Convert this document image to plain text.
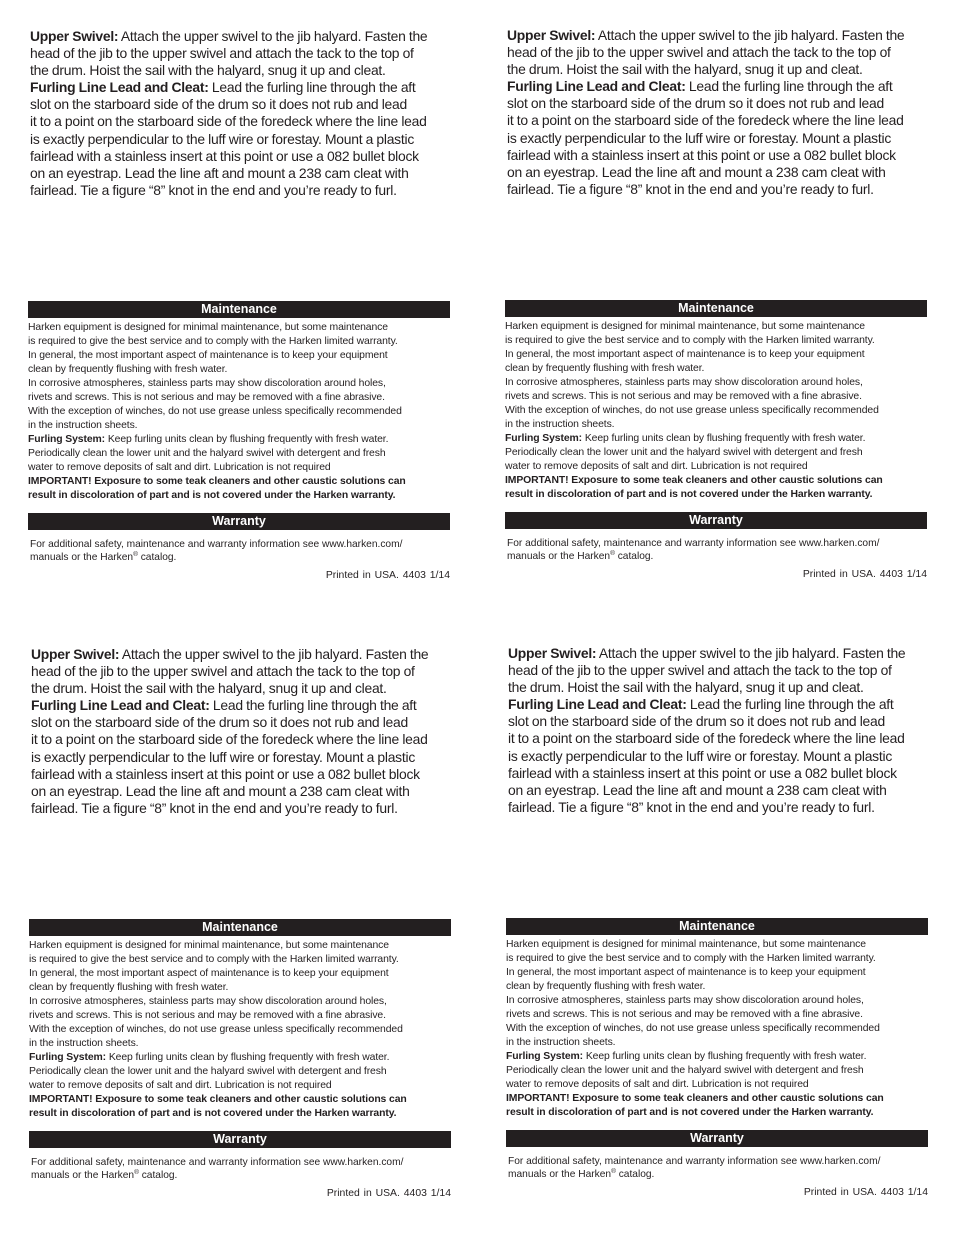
Upper Swivel: Attach the upper swivel to the jib halyard. Fasten the
head of the jib to the upper swivel and attach the tack to the top of
the drum. Hoist the sail with the halyard, snug it up and cleat.
Furling Line Lead and Cleat: Lead the furling line through the aft
slot on the starboard side of the drum so it does not rub and lead
it to a point on the starboard side of the foredeck where the line lead
is exactly perpendicular to the luff wire or forestay. Mount a plastic
fairlead with a stainless insert at this point or use a 082 bullet block
on an eyestrap. Lead the line aft and mount a 238 cam cleat with
fairlead. Tie a figure “8” knot in the end and you’re ready to furl.
Maintenance
Harken equipment is designed for minimal maintenance, but some maintenance
is required to give the best service and to comply with the Harken limited warranty.
In general, the most important aspect of maintenance is to keep your equipment
clean by frequently flushing with fresh water.
In corrosive atmospheres, stainless parts may show discoloration around holes,
rivets and screws. This is not serious and may be removed with a fine abrasive.
With the exception of winches, do not use grease unless specifically recommended
in the instruction sheets.
Furling System: Keep furling units clean by flushing frequently with fresh water.
Periodically clean the lower unit and the halyard swivel with detergent and fresh
water to remove deposits of salt and dirt. Lubrication is not required
IMPORTANT! Exposure to some teak cleaners and other caustic solutions can
result in discoloration of part and is not covered under the Harken warranty.
Warranty
For additional safety, maintenance and warranty information see www.harken.com/
manuals or the Harken® catalog.
Printed in USA. 4403 1/14
Upper Swivel: Attach the upper swivel to the jib halyard. Fasten the
head of the jib to the upper swivel and attach the tack to the top of
the drum. Hoist the sail with the halyard, snug it up and cleat.
Furling Line Lead and Cleat: Lead the furling line through the aft
slot on the starboard side of the drum so it does not rub and lead
it to a point on the starboard side of the foredeck where the line lead
is exactly perpendicular to the luff wire or forestay. Mount a plastic
fairlead with a stainless insert at this point or use a 082 bullet block
on an eyestrap. Lead the line aft and mount a 238 cam cleat with
fairlead. Tie a figure “8” knot in the end and you’re ready to furl.
Maintenance
Harken equipment is designed for minimal maintenance, but some maintenance
is required to give the best service and to comply with the Harken limited warranty.
In general, the most important aspect of maintenance is to keep your equipment
clean by frequently flushing with fresh water.
In corrosive atmospheres, stainless parts may show discoloration around holes,
rivets and screws. This is not serious and may be removed with a fine abrasive.
With the exception of winches, do not use grease unless specifically recommended
in the instruction sheets.
Furling System: Keep furling units clean by flushing frequently with fresh water.
Periodically clean the lower unit and the halyard swivel with detergent and fresh
water to remove deposits of salt and dirt. Lubrication is not required
IMPORTANT! Exposure to some teak cleaners and other caustic solutions can
result in discoloration of part and is not covered under the Harken warranty.
Warranty
For additional safety, maintenance and warranty information see www.harken.com/
manuals or the Harken® catalog.
Printed in USA. 4403 1/14
Upper Swivel: Attach the upper swivel to the jib halyard. Fasten the
head of the jib to the upper swivel and attach the tack to the top of
the drum. Hoist the sail with the halyard, snug it up and cleat.
Furling Line Lead and Cleat: Lead the furling line through the aft
slot on the starboard side of the drum so it does not rub and lead
it to a point on the starboard side of the foredeck where the line lead
is exactly perpendicular to the luff wire or forestay. Mount a plastic
fairlead with a stainless insert at this point or use a 082 bullet block
on an eyestrap. Lead the line aft and mount a 238 cam cleat with
fairlead. Tie a figure “8” knot in the end and you’re ready to furl.
Maintenance
Harken equipment is designed for minimal maintenance, but some maintenance
is required to give the best service and to comply with the Harken limited warranty.
In general, the most important aspect of maintenance is to keep your equipment
clean by frequently flushing with fresh water.
In corrosive atmospheres, stainless parts may show discoloration around holes,
rivets and screws. This is not serious and may be removed with a fine abrasive.
With the exception of winches, do not use grease unless specifically recommended
in the instruction sheets.
Furling System: Keep furling units clean by flushing frequently with fresh water.
Periodically clean the lower unit and the halyard swivel with detergent and fresh
water to remove deposits of salt and dirt. Lubrication is not required
IMPORTANT! Exposure to some teak cleaners and other caustic solutions can
result in discoloration of part and is not covered under the Harken warranty.
Warranty
For additional safety, maintenance and warranty information see www.harken.com/
manuals or the Harken® catalog.
Printed in USA. 4403 1/14
Upper Swivel: Attach the upper swivel to the jib halyard. Fasten the
head of the jib to the upper swivel and attach the tack to the top of
the drum. Hoist the sail with the halyard, snug it up and cleat.
Furling Line Lead and Cleat: Lead the furling line through the aft
slot on the starboard side of the drum so it does not rub and lead
it to a point on the starboard side of the foredeck where the line lead
is exactly perpendicular to the luff wire or forestay. Mount a plastic
fairlead with a stainless insert at this point or use a 082 bullet block
on an eyestrap. Lead the line aft and mount a 238 cam cleat with
fairlead. Tie a figure “8” knot in the end and you’re ready to furl.
Maintenance
Harken equipment is designed for minimal maintenance, but some maintenance
is required to give the best service and to comply with the Harken limited warranty.
In general, the most important aspect of maintenance is to keep your equipment
clean by frequently flushing with fresh water.
In corrosive atmospheres, stainless parts may show discoloration around holes,
rivets and screws. This is not serious and may be removed with a fine abrasive.
With the exception of winches, do not use grease unless specifically recommended
in the instruction sheets.
Furling System: Keep furling units clean by flushing frequently with fresh water.
Periodically clean the lower unit and the halyard swivel with detergent and fresh
water to remove deposits of salt and dirt. Lubrication is not required
IMPORTANT! Exposure to some teak cleaners and other caustic solutions can
result in discoloration of part and is not covered under the Harken warranty.
Warranty
For additional safety, maintenance and warranty information see www.harken.com/
manuals or the Harken® catalog.
Printed in USA. 4403 1/14
